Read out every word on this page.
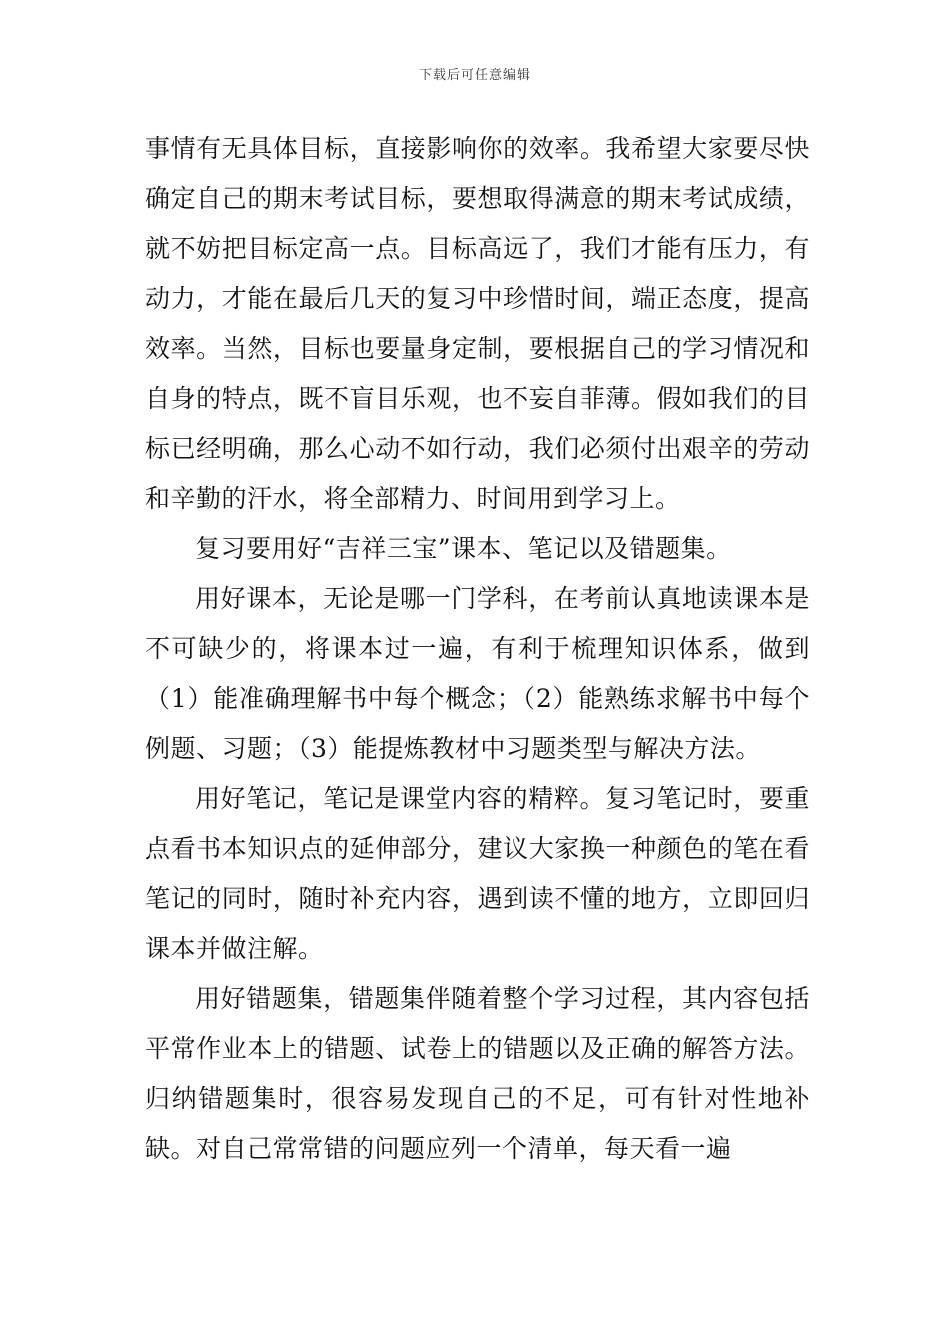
下载后可任意编辑

事情有无具体目标，直接影响你的效率。我希望大家要尽快确定自己的期末考试目标，要想取得满意的期末考试成绩，就不妨把目标定高一点。目标高远了，我们才能有压力，有动力，才能在最后几天的复习中珍惜时间，端正态度，提高效率。当然，目标也要量身定制，要根据自己的学习情况和自身的特点，既不盲目乐观，也不妄自菲薄。假如我们的目标已经明确，那么心动不如行动，我们必须付出艰辛的劳动和辛勤的汗水，将全部精力、时间用到学习上。

复习要用好“吉祥三宝”课本、笔记以及错题集。

用好课本，无论是哪一门学科，在考前认真地读课本是不可缺少的，将课本过一遍，有利于梳理知识体系，做到（1）能准确理解书中每个概念；（2）能熟练求解书中每个例题、习题；（3）能提炼教材中习题类型与解决方法。

用好笔记，笔记是课堂内容的精粹。复习笔记时，要重点看书本知识点的延伸部分，建议大家换一种颜色的笔在看笔记的同时，随时补充内容，遇到读不懂的地方，立即回归课本并做注解。

用好错题集，错题集伴随着整个学习过程，其内容包括平常作业本上的错题、试卷上的错题以及正确的解答方法。归纳错题集时，很容易发现自己的不足，可有针对性地补缺。对自己常常错的问题应列一个清单，每天看一遍
